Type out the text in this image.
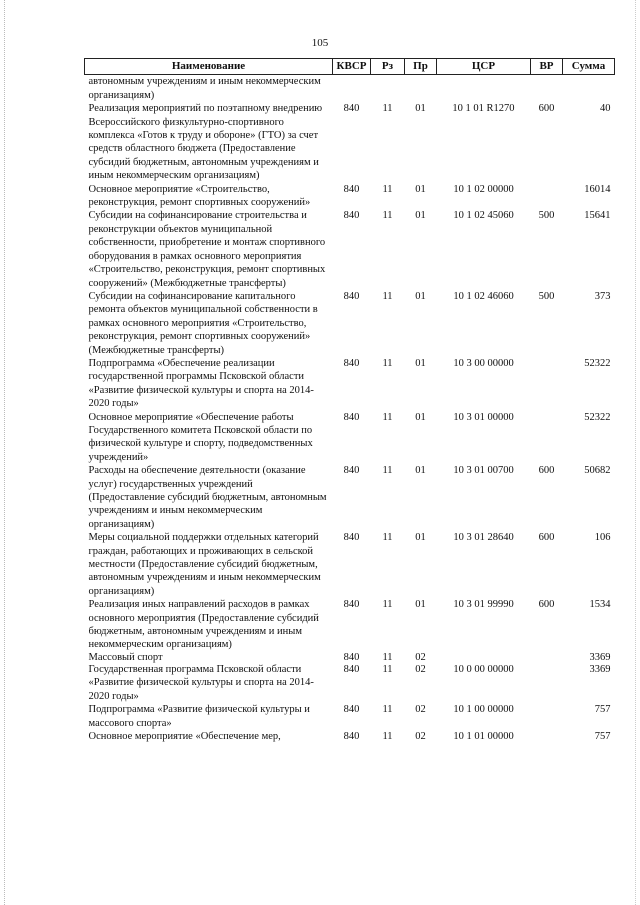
105
Наименование	КВСР	Рз	Пр	ЦСР	ВР	Сумма
автономным учреждениям и иным некоммерческим организациям)						
Реализация мероприятий по поэтапному внедрению Всероссийского физкультурно-спортивного комплекса «Готов к труду и обороне» (ГТО) за счет средств областного бюджета (Предоставление субсидий бюджетным, автономным учреждениям и иным некоммерческим организациям)	840	11	01	10 1 01 R1270	600	40
Основное мероприятие «Строительство, реконструкция, ремонт спортивных сооружений»	840	11	01	10 1 02 00000		16014
Субсидии на софинансирование строительства и реконструкции объектов муниципальной собственности, приобретение и монтаж спортивного оборудования в рамках основного мероприятия «Строительство, реконструкция, ремонт спортивных сооружений» (Межбюджетные трансферты)	840	11	01	10 1 02 45060	500	15641
Субсидии на софинансирование капитального ремонта объектов муниципальной собственности в рамках основного мероприятия «Строительство, реконструкция, ремонт спортивных сооружений» (Межбюджетные трансферты)	840	11	01	10 1 02 46060	500	373
Подпрограмма «Обеспечение реализации государственной программы Псковской области «Развитие физической культуры и спорта на 2014-2020 годы»	840	11	01	10 3 00 00000		52322
Основное мероприятие «Обеспечение работы Государственного комитета Псковской области по физической культуре и спорту, подведомственных учреждений»	840	11	01	10 3 01 00000		52322
Расходы на обеспечение деятельности (оказание услуг) государственных учреждений (Предоставление субсидий бюджетным, автономным учреждениям и иным некоммерческим организациям)	840	11	01	10 3 01 00700	600	50682
Меры социальной поддержки отдельных категорий граждан, работающих и проживающих в сельской местности (Предоставление субсидий бюджетным, автономным учреждениям и иным некоммерческим организациям)	840	11	01	10 3 01 28640	600	106
Реализация иных направлений расходов в рамках основного мероприятия (Предоставление субсидий бюджетным, автономным учреждениям и иным некоммерческим организациям)	840	11	01	10 3 01 99990	600	1534
Массовый спорт	840	11	02			3369
Государственная программа Псковской области «Развитие физической культуры и спорта на 2014-2020 годы»	840	11	02	10 0 00 00000		3369
Подпрограмма «Развитие физической культуры и массового спорта»	840	11	02	10 1 00 00000		757
Основное мероприятие «Обеспечение мер,	840	11	02	10 1 01 00000		757
